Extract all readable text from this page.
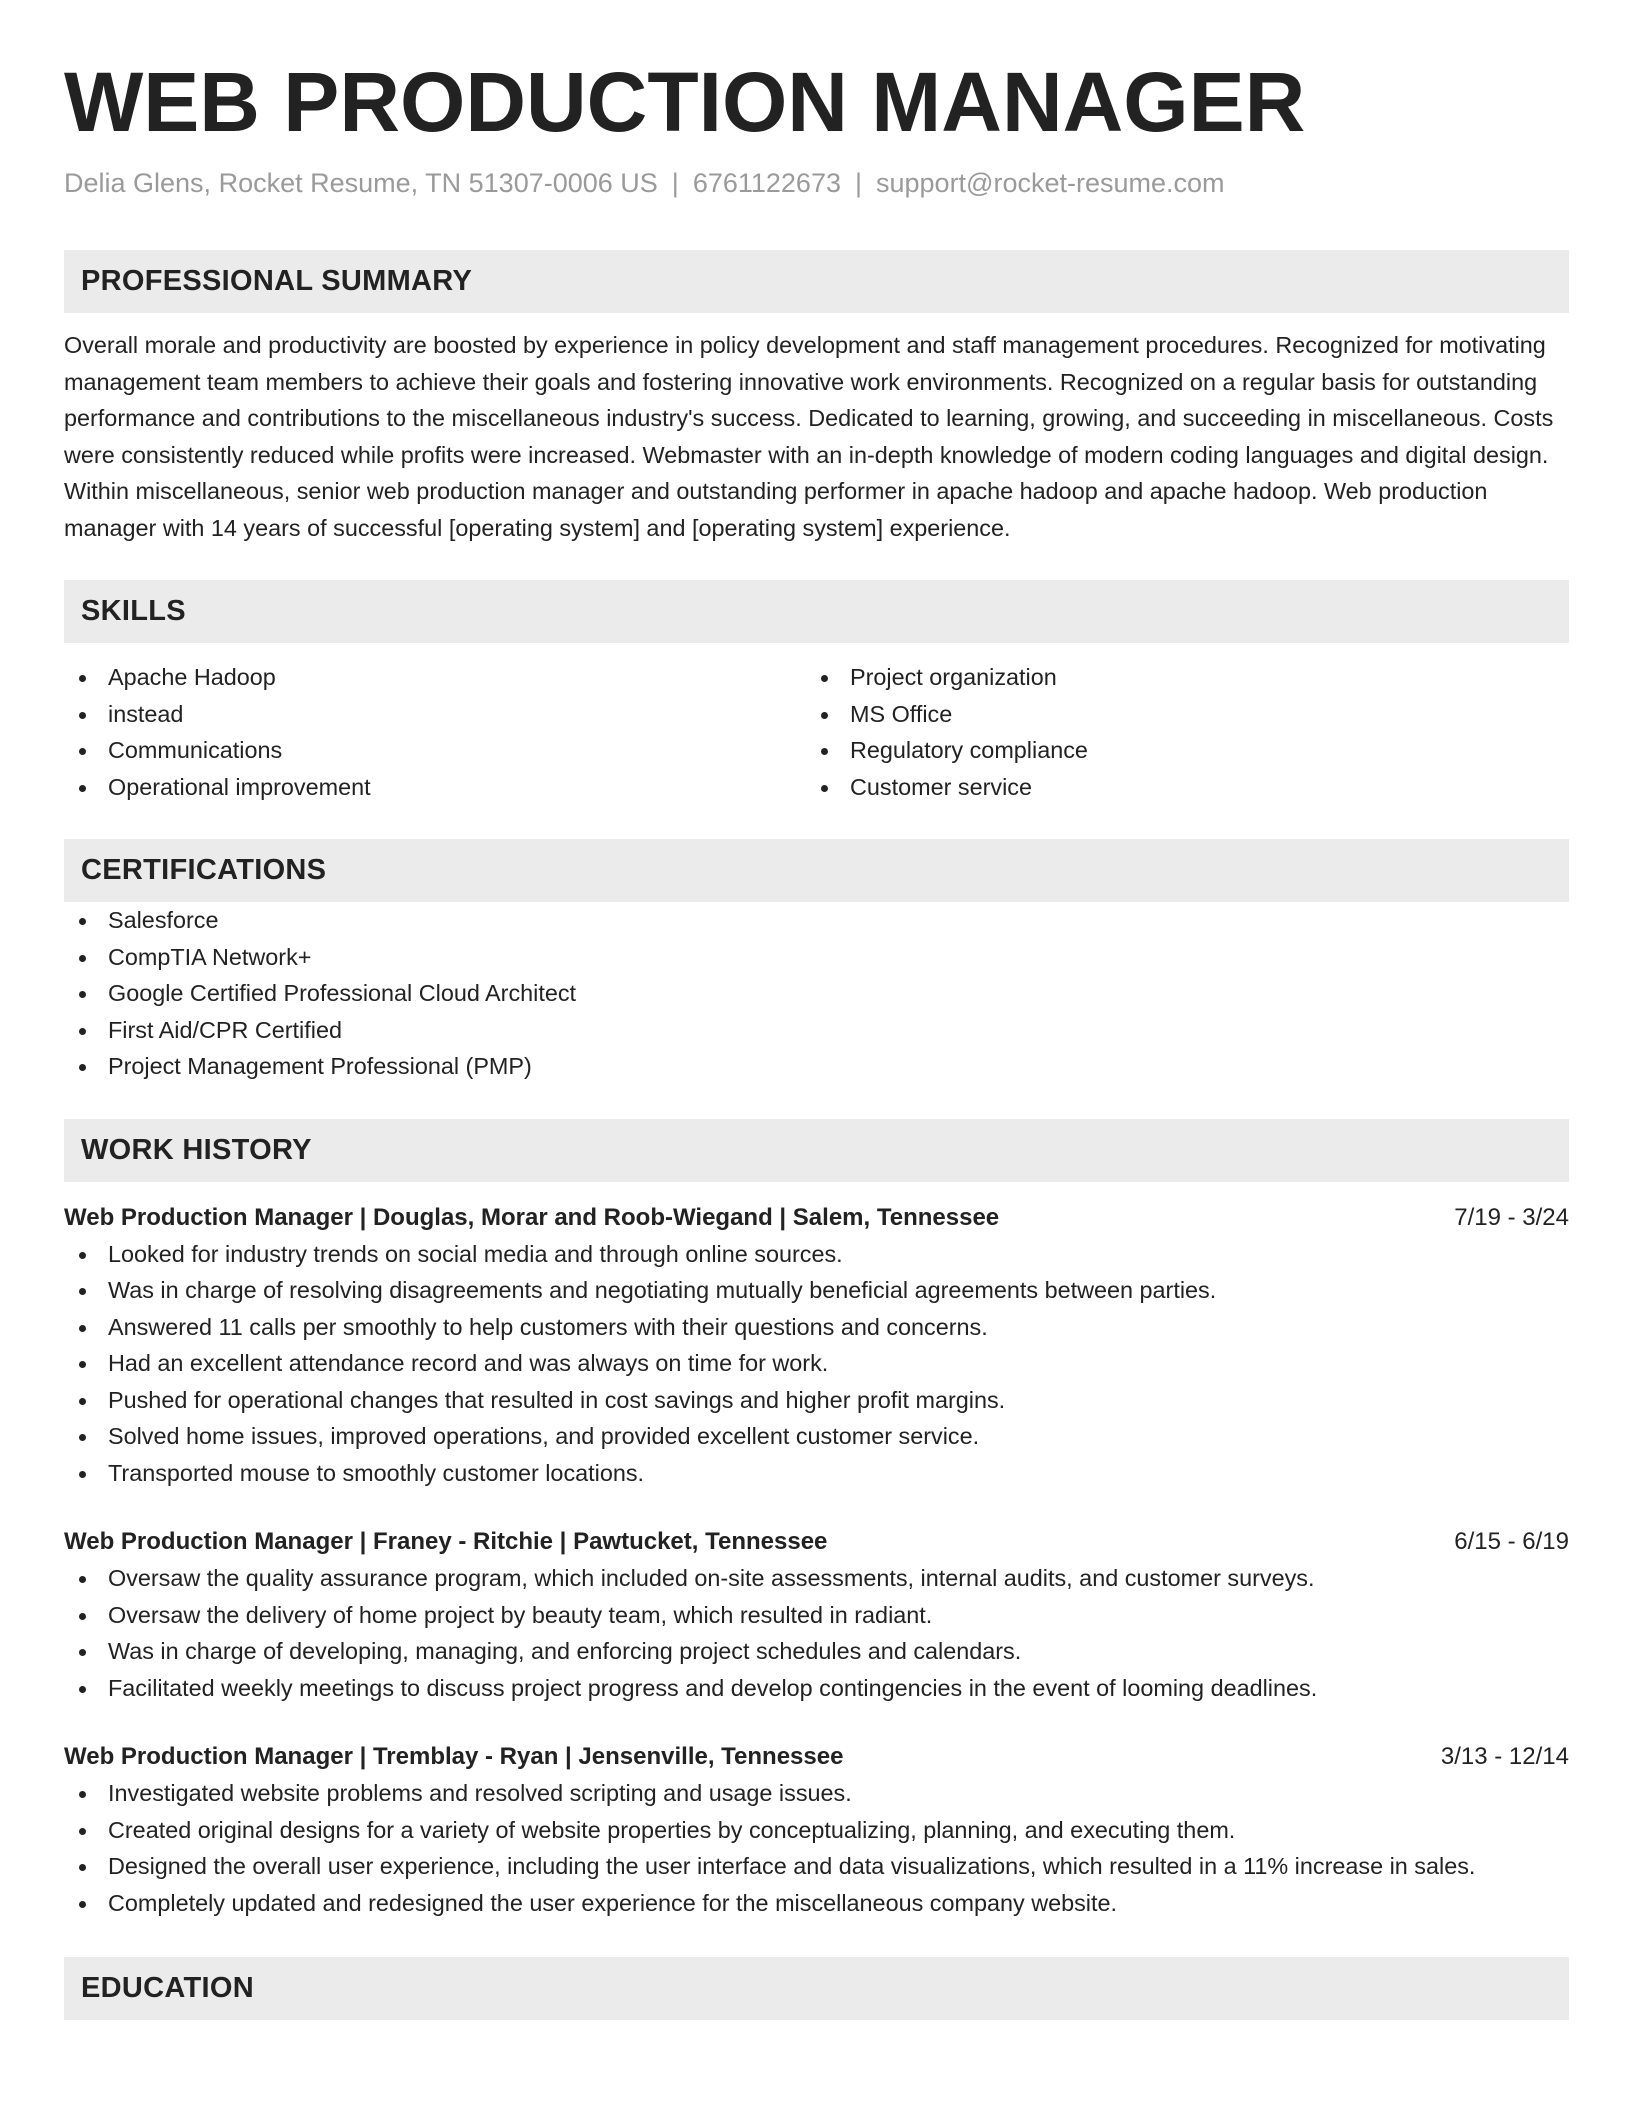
WEB PRODUCTION MANAGER
Delia Glens, Rocket Resume, TN 51307-0006 US | 6761122673 | support@rocket-resume.com
PROFESSIONAL SUMMARY
Overall morale and productivity are boosted by experience in policy development and staff management procedures. Recognized for motivating management team members to achieve their goals and fostering innovative work environments. Recognized on a regular basis for outstanding performance and contributions to the miscellaneous industry's success. Dedicated to learning, growing, and succeeding in miscellaneous. Costs were consistently reduced while profits were increased. Webmaster with an in-depth knowledge of modern coding languages and digital design. Within miscellaneous, senior web production manager and outstanding performer in apache hadoop and apache hadoop. Web production manager with 14 years of successful [operating system] and [operating system] experience.
SKILLS
Apache Hadoop
instead
Communications
Operational improvement
Project organization
MS Office
Regulatory compliance
Customer service
CERTIFICATIONS
Salesforce
CompTIA Network+
Google Certified Professional Cloud Architect
First Aid/CPR Certified
Project Management Professional (PMP)
WORK HISTORY
Web Production Manager | Douglas, Morar and Roob-Wiegand | Salem, Tennessee	7/19 - 3/24
Looked for industry trends on social media and through online sources.
Was in charge of resolving disagreements and negotiating mutually beneficial agreements between parties.
Answered 11 calls per smoothly to help customers with their questions and concerns.
Had an excellent attendance record and was always on time for work.
Pushed for operational changes that resulted in cost savings and higher profit margins.
Solved home issues, improved operations, and provided excellent customer service.
Transported mouse to smoothly customer locations.
Web Production Manager | Franey - Ritchie | Pawtucket, Tennessee	6/15 - 6/19
Oversaw the quality assurance program, which included on-site assessments, internal audits, and customer surveys.
Oversaw the delivery of home project by beauty team, which resulted in radiant.
Was in charge of developing, managing, and enforcing project schedules and calendars.
Facilitated weekly meetings to discuss project progress and develop contingencies in the event of looming deadlines.
Web Production Manager | Tremblay - Ryan | Jensenville, Tennessee	3/13 - 12/14
Investigated website problems and resolved scripting and usage issues.
Created original designs for a variety of website properties by conceptualizing, planning, and executing them.
Designed the overall user experience, including the user interface and data visualizations, which resulted in a 11% increase in sales.
Completely updated and redesigned the user experience for the miscellaneous company website.
EDUCATION
